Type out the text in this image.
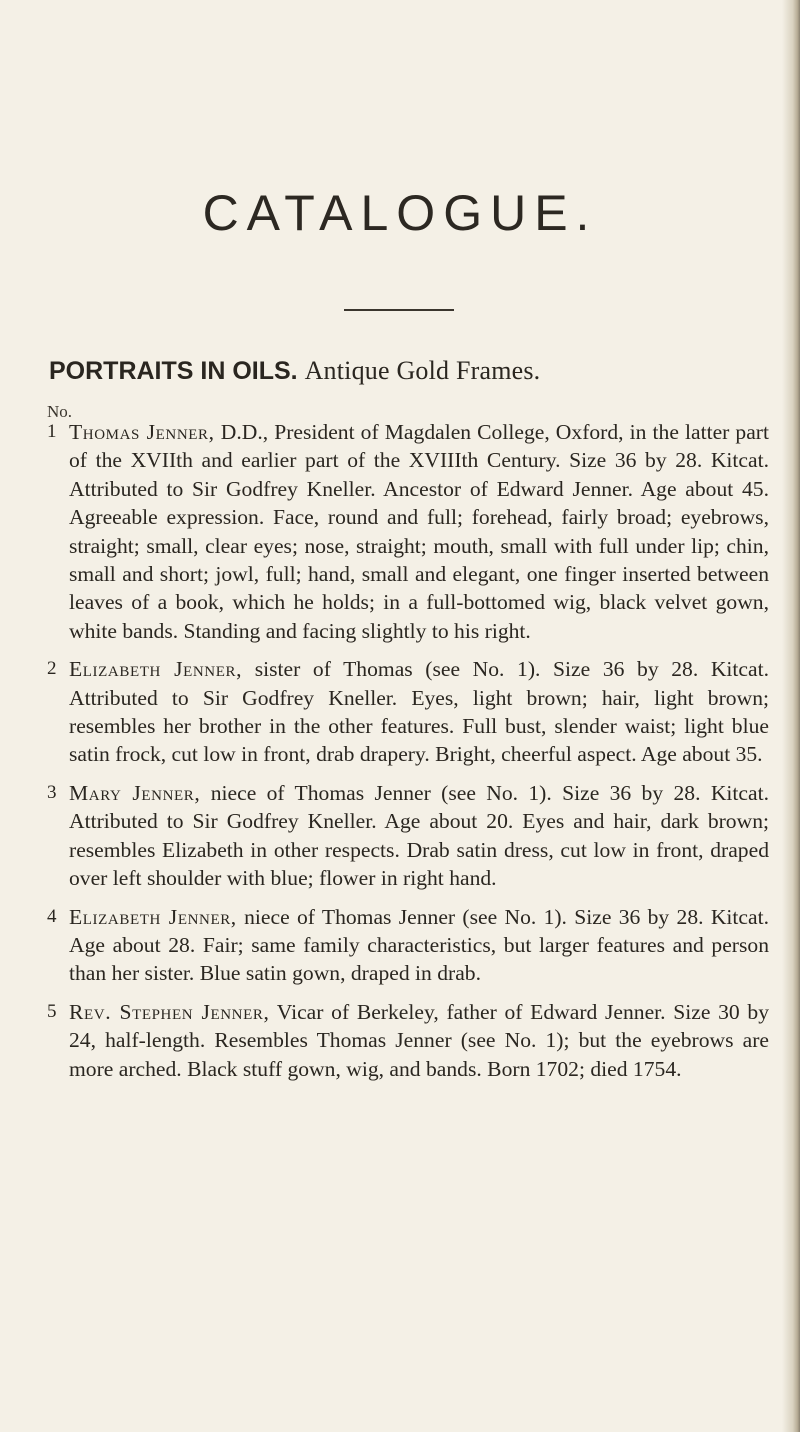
CATALOGUE.
PORTRAITS IN OILS. Antique Gold Frames.
No.
1 Thomas Jenner, D.D., President of Magdalen College, Oxford, in the latter part of the XVIIth and earlier part of the XVIIIth Century. Size 36 by 28. Kitcat. Attributed to Sir Godfrey Kneller. Ancestor of Edward Jenner. Age about 45. Agreeable expression. Face, round and full; forehead, fairly broad; eyebrows, straight; small, clear eyes; nose, straight; mouth, small with full under lip; chin, small and short; jowl, full; hand, small and elegant, one finger inserted between leaves of a book, which he holds; in a full-bottomed wig, black velvet gown, white bands. Standing and facing slightly to his right.
2 Elizabeth Jenner, sister of Thomas (see No. 1). Size 36 by 28. Kitcat. Attributed to Sir Godfrey Kneller. Eyes, light brown; hair, light brown; resembles her brother in the other features. Full bust, slender waist; light blue satin frock, cut low in front, drab drapery. Bright, cheerful aspect. Age about 35.
3 Mary Jenner, niece of Thomas Jenner (see No. 1). Size 36 by 28. Kitcat. Attributed to Sir Godfrey Kneller. Age about 20. Eyes and hair, dark brown; resembles Elizabeth in other respects. Drab satin dress, cut low in front, draped over left shoulder with blue; flower in right hand.
4 Elizabeth Jenner, niece of Thomas Jenner (see No. 1). Size 36 by 28. Kitcat. Age about 28. Fair; same family characteristics, but larger features and person than her sister. Blue satin gown, draped in drab.
5 Rev. Stephen Jenner, Vicar of Berkeley, father of Edward Jenner. Size 30 by 24, half-length. Resembles Thomas Jenner (see No. 1); but the eyebrows are more arched. Black stuff gown, wig, and bands. Born 1702; died 1754.
